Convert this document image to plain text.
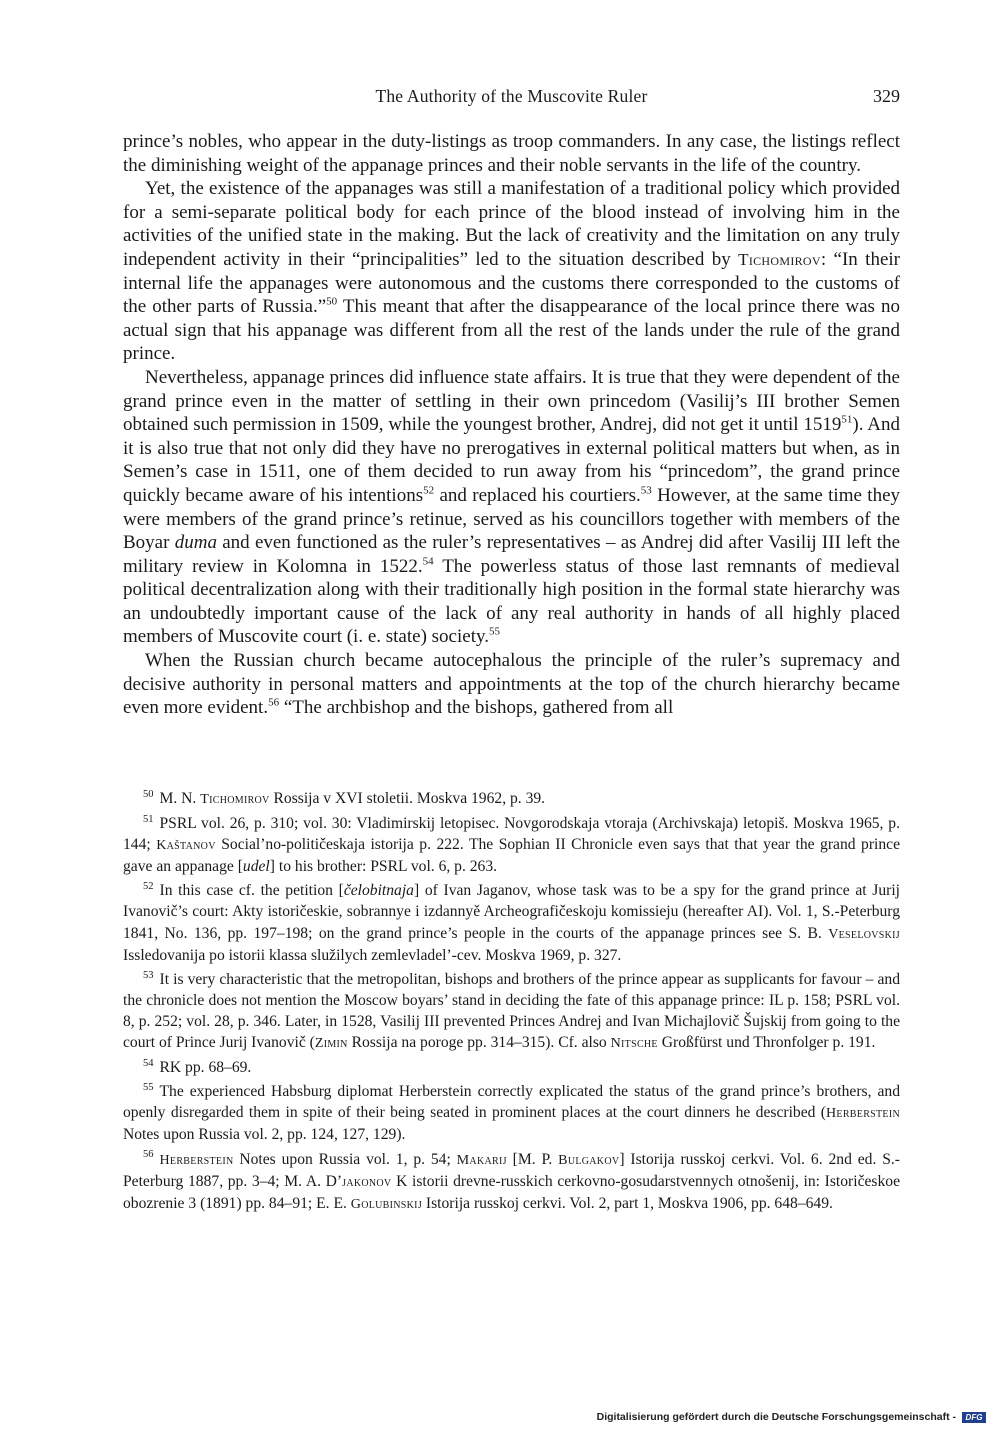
The Authority of the Muscovite Ruler	329

prince’s nobles, who appear in the duty-listings as troop commanders. In any case, the listings reflect the diminishing weight of the appanage princes and their noble servants in the life of the country.

Yet, the existence of the appanages was still a manifestation of a traditional policy which provided for a semi-separate political body for each prince of the blood instead of involving him in the activities of the unified state in the making. But the lack of creativity and the limitation on any truly independent activity in their “principalities” led to the situation described by Tichomirov: “In their internal life the appanages were autonomous and the customs there corresponded to the customs of the other parts of Russia.”$^{50}$ This meant that after the disappearance of the local prince there was no actual sign that his appanage was different from all the rest of the lands under the rule of the grand prince.

Nevertheless, appanage princes did influence state affairs. It is true that they were dependent of the grand prince even in the matter of settling in their own princedom (Vasilij’s III brother Semen obtained such permission in 1509, while the youngest brother, Andrej, did not get it until 1519$^{51}$). And it is also true that not only did they have no prerogatives in external political matters but when, as in Semen’s case in 1511, one of them decided to run away from his “princedom”, the grand prince quickly became aware of his intentions$^{52}$ and replaced his courtiers.$^{53}$ However, at the same time they were members of the grand prince’s retinue, served as his councillors together with members of the Boyar duma and even functioned as the ruler’s representatives – as Andrej did after Vasilij III left the military review in Kolomna in 1522.54 The powerless status of those last remnants of medieval political decentralization along with their traditionally high position in the formal state hierarchy was an undoubtedly important cause of the lack of any real authority in hands of all highly placed members of Muscovite court (i. e. state) society.$^{55}$

When the Russian church became autocephalous the principle of the ruler’s supremacy and decisive authority in personal matters and appointments at the top of the church hierarchy became even more evident.$^{56}$ “The archbishop and the bishops, gathered from all

$^{50}$ M. N. Tichomirov Rossija v XVI stoletii. Moskva 1962, p. 39.

$^{51}$ PSRL vol. 26, p. 310; vol. 30: Vladimirskij letopisec. Novgorodskaja vtoraja (Archivskaja) letopiš. Moskva 1965, p. 144; Kaštanov Social’no-političeskaja istorija p. 222. The Sophian II Chronicle even says that that year the grand prince gave an appanage [udel] to his brother: PSRL vol. 6, p. 263.

$^{52}$ In this case cf. the petition [čelobitnaja] of Ivan Jaganov, whose task was to be a spy for the grand prince at Jurij Ivanovič’s court: Akty istoričeskie, sobrannye i izdannyě Archeografičeskoju komissieju (hereafter AI). Vol. 1, S.-Peterburg 1841, No. 136, pp. 197–198; on the grand prince’s people in the courts of the appanage princes see S. B. Veselovskij Issledovanija po istorii klassa služilych zemlevladel’-cev. Moskva 1969, p. 327.

$^{53}$ It is very characteristic that the metropolitan, bishops and brothers of the prince appear as supplicants for favour – and the chronicle does not mention the Moscow boyars’ stand in deciding the fate of this appanage prince: IL p. 158; PSRL vol. 8, p. 252; vol. 28, p. 346. Later, in 1528, Vasilij III prevented Princes Andrej and Ivan Michajlovič Šujskij from going to the court of Prince Jurij Ivanovič (Zimin Rossija na poroge pp. 314–315). Cf. also Nitsche Großfürst und Thronfolger p. 191.

$^{54}$ RK pp. 68–69.

$^{55}$ The experienced Habsburg diplomat Herberstein correctly explicated the status of the grand prince’s brothers, and openly disregarded them in spite of their being seated in prominent places at the court dinners he described (Herberstein Notes upon Russia vol. 2, pp. 124, 127, 129).

$^{56}$ Herberstein Notes upon Russia vol. 1, p. 54; Makarij [M. P. Bulgakov] Istorija russkoj cerkvi. Vol. 6. 2nd ed. S.-Peterburg 1887, pp. 3–4; M. A. D’jakonov K istorii drevne-russkich cerkovno-gosudarstvennych otnošenij, in: Istoričeskoe obozrenie 3 (1891) pp. 84–91; E. E. Golubinskij Istorija russkoj cerkvi. Vol. 2, part 1, Moskva 1906, pp. 648–649.

Digitalisierung gefördert durch die Deutsche Forschungsgemeinschaft -	DFG
